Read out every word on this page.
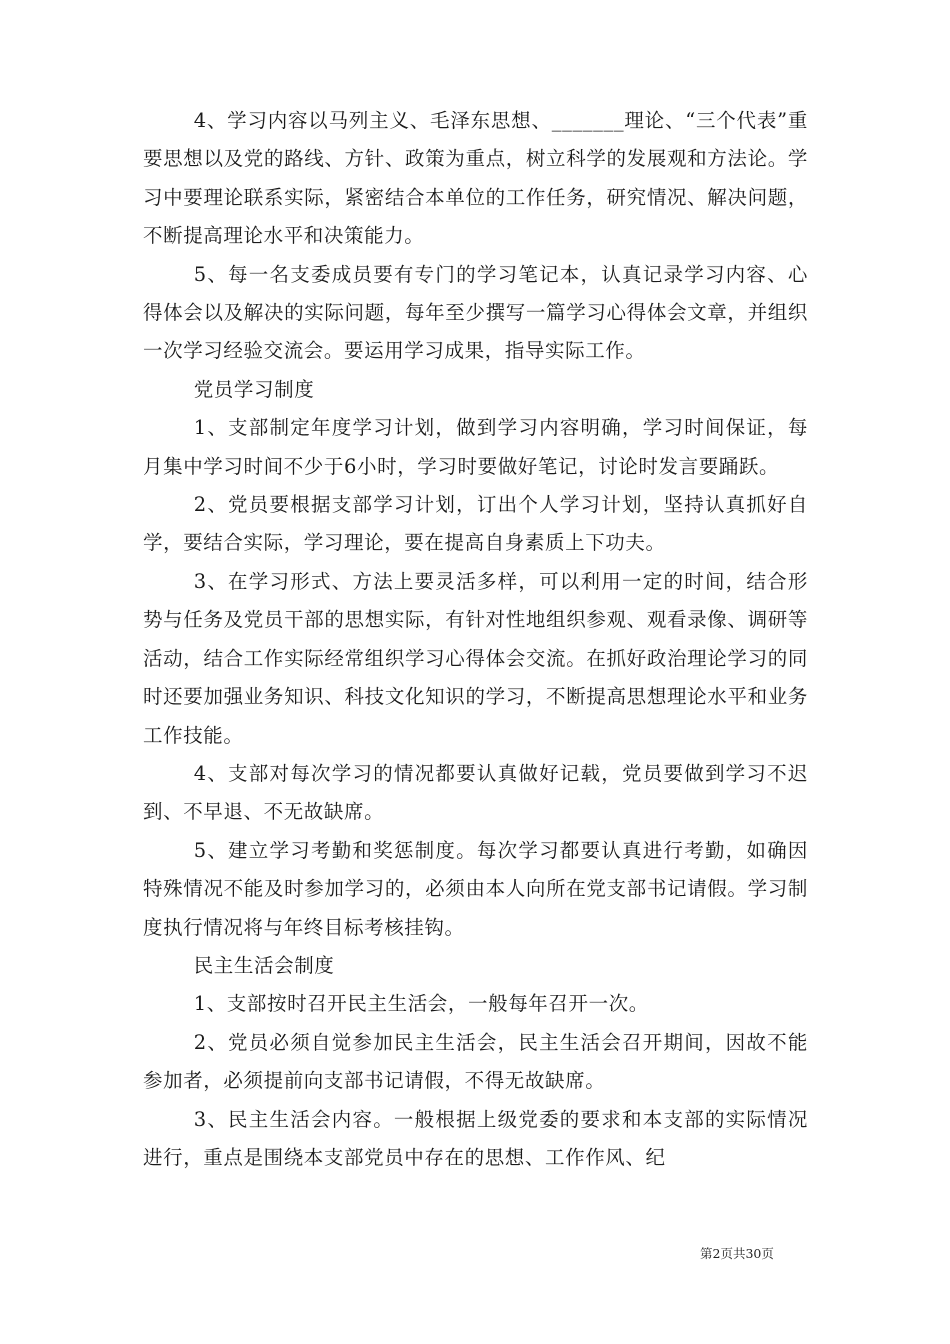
4、学习内容以马列主义、毛泽东思想、_______理论、“三个代表”重要思想以及党的路线、方针、政策为重点，树立科学的发展观和方法论。学习中要理论联系实际，紧密结合本单位的工作任务，研究情况、解决问题，不断提高理论水平和决策能力。

5、每一名支委成员要有专门的学习笔记本，认真记录学习内容、心得体会以及解决的实际问题，每年至少撰写一篇学习心得体会文章，并组织一次学习经验交流会。要运用学习成果，指导实际工作。

党员学习制度

1、支部制定年度学习计划，做到学习内容明确，学习时间保证，每月集中学习时间不少于6小时，学习时要做好笔记，讨论时发言要踊跃。

2、党员要根据支部学习计划，订出个人学习计划，坚持认真抓好自学，要结合实际，学习理论，要在提高自身素质上下功夫。

3、在学习形式、方法上要灵活多样，可以利用一定的时间，结合形势与任务及党员干部的思想实际，有针对性地组织参观、观看录像、调研等活动，结合工作实际经常组织学习心得体会交流。在抓好政治理论学习的同时还要加强业务知识、科技文化知识的学习，不断提高思想理论水平和业务工作技能。

4、支部对每次学习的情况都要认真做好记载，党员要做到学习不迟到、不早退、不无故缺席。

5、建立学习考勤和奖惩制度。每次学习都要认真进行考勤，如确因特殊情况不能及时参加学习的，必须由本人向所在党支部书记请假。学习制度执行情况将与年终目标考核挂钩。

民主生活会制度

1、支部按时召开民主生活会，一般每年召开一次。

2、党员必须自觉参加民主生活会，民主生活会召开期间，因故不能参加者，必须提前向支部书记请假，不得无故缺席。

3、民主生活会内容。一般根据上级党委的要求和本支部的实际情况进行，重点是围绕本支部党员中存在的思想、工作作风、纪

第2页共30页
